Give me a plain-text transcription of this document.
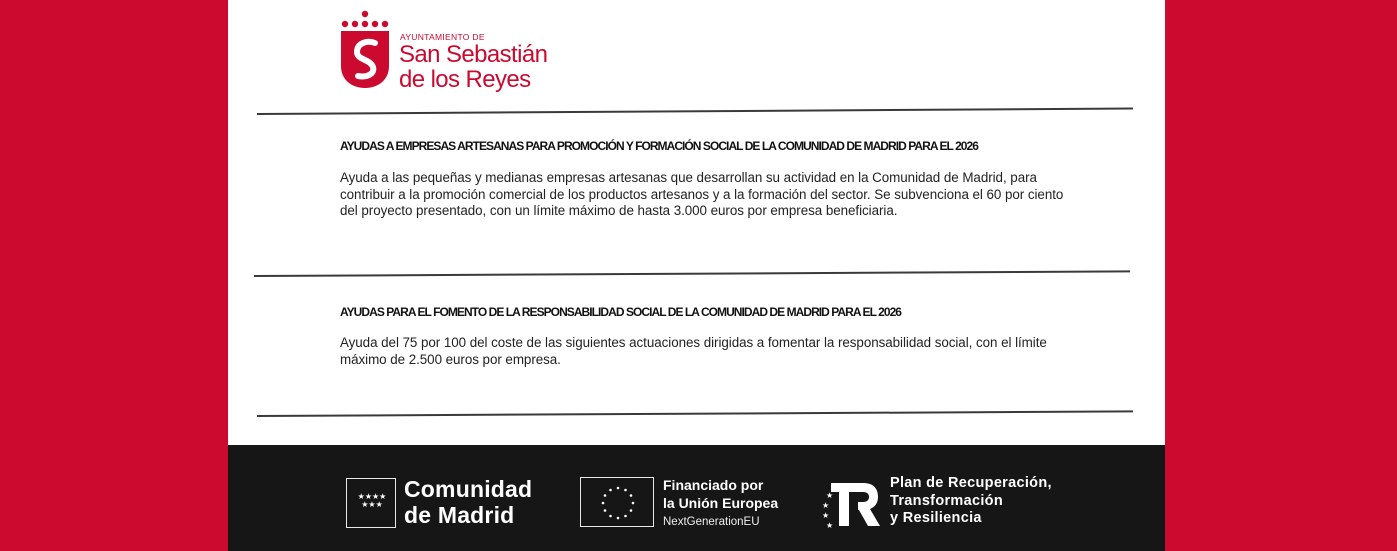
AYUNTAMIENTO DE
San Sebastián
de los Reyes
AYUDAS A EMPRESAS ARTESANAS PARA PROMOCIÓN Y FORMACIÓN SOCIAL DE LA COMUNIDAD DE MADRID PARA EL 2026
Ayuda a las pequeñas y medianas empresas artesanas que desarrollan su actividad en la Comunidad de Madrid, para contribuir a la promoción comercial de los productos artesanos y a la formación del sector. Se subvenciona el 60 por ciento del proyecto presentado, con un límite máximo de hasta 3.000 euros por empresa beneficiaria.
AYUDAS PARA EL FOMENTO DE LA RESPONSABILIDAD SOCIAL DE LA COMUNIDAD DE MADRID PARA EL 2026
Ayuda del 75 por 100 del coste de las siguientes actuaciones dirigidas a fomentar la responsabilidad social, con el límite máximo de 2.500 euros por empresa.
★★★★
★★★
Comunidad
de Madrid
Financiado por
la Unión Europea
NextGenerationEU
★
★
★
★
Plan de Recuperación,
Transformación
y Resiliencia
